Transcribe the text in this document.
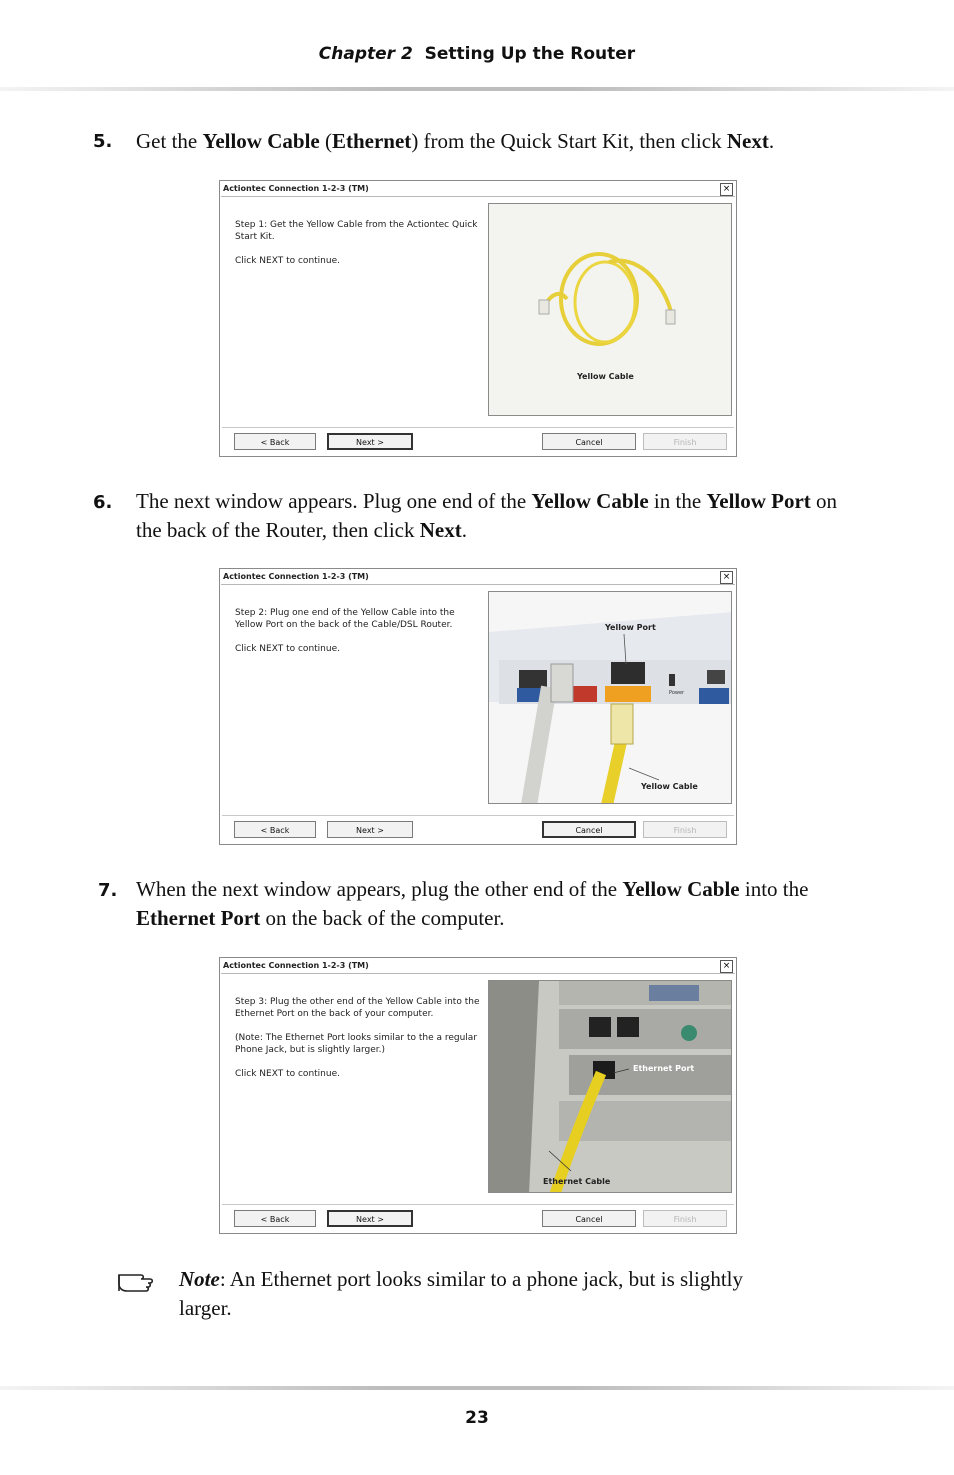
Chapter 2 Setting Up the Router
5. Get the Yellow Cable (Ethernet) from the Quick Start Kit, then click Next.
Actiontec Connection 1-2-3 (TM)	×

Step 1: Get the Yellow Cable from the Actiontec Quick Start Kit.

Click NEXT to continue.

Yellow Cable
< Back	Next >	Cancel	Finish
6. The next window appears. Plug one end of the Yellow Cable in the Yellow Port on the back of the Router, then click Next.
Actiontec Connection 1-2-3 (TM)	×

Step 2: Plug one end of the Yellow Cable into the Yellow Port on the back of the Cable/DSL Router.

Click NEXT to continue.

Yellow Port
Yellow Cable
Power
< Back	Next >	Cancel	Finish
7. When the next window appears, plug the other end of the Yellow Cable into the Ethernet Port on the back of the computer.
Actiontec Connection 1-2-3 (TM)	×

Step 3: Plug the other end of the Yellow Cable into the Ethernet Port on the back of your computer.

(Note: The Ethernet Port looks similar to the a regular Phone Jack, but is slightly larger.)

Click NEXT to continue.

Ethernet Port
Ethernet Cable
< Back	Next >	Cancel	Finish
Note: An Ethernet port looks similar to a phone jack, but is slightly larger.
23
